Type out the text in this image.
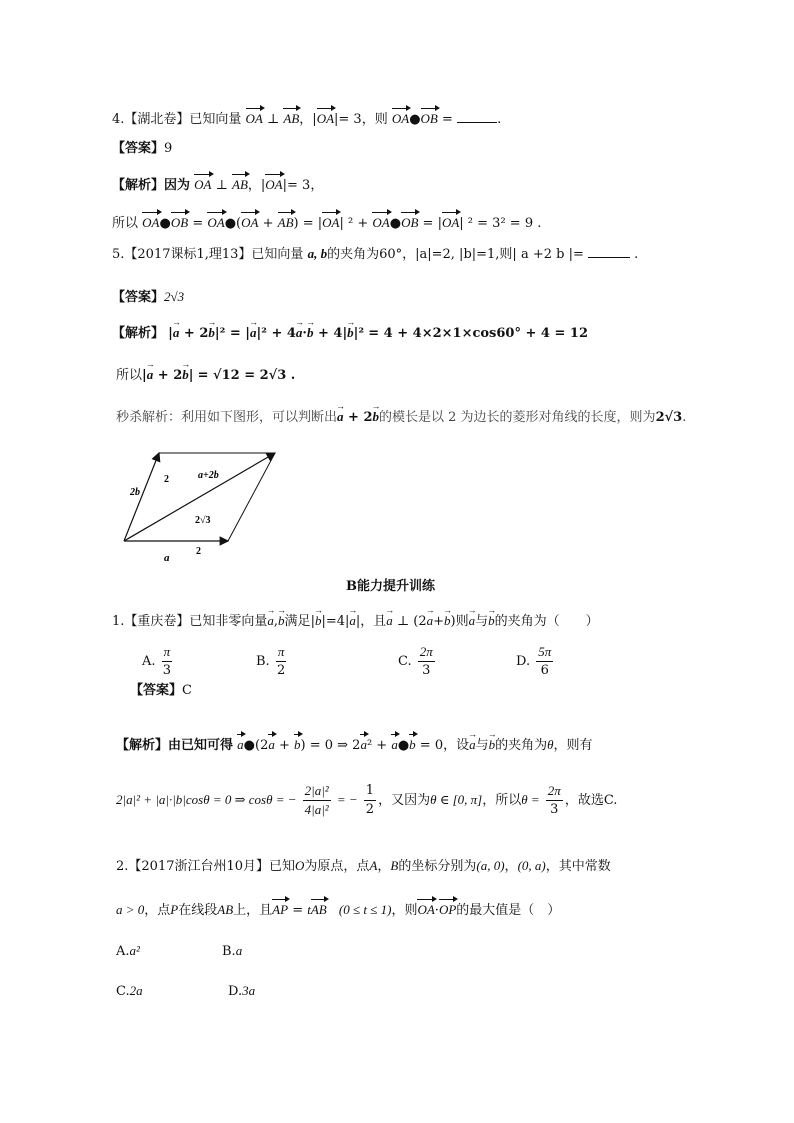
4.【湖北卷】已知向量 OA ⊥ AB，|OA|= 3，则 OA●OB =	.
【答案】9
【解析】因为 OA ⊥ AB，|OA|= 3，
所以 OA●OB = OA●(OA + AB) = |OA| ² + OA●OB = |OA| ² = 3² = 9 .
5.【2017课标1,理13】已知向量 a, b的夹角为60°，|a|=2, |b|=1,则| a +2 b |=	.
【答案】2√3
【解析】 |a → + 2b →|² = |a →|² + 4a →·b → + 4|b →|² = 4 + 4×2×1×cos60° + 4 = 12
所以|a → + 2b →| = √12 = 2√3 .
秒杀解析：利用如下图形，可以判断出a → + 2b →的模长是以 2 为边长的菱形对角线的长度，则为2√3.
2b
2	a+2b
2√3
a
2
B能力提升训练
1.【重庆卷】已知非零向量a →,b →满足|b →|=4|a →|，且a → ⊥ (2a →+b →)则a →与b →的夹角为（　　）
A. $\frac{\pi}{3}$	B. $\frac{\pi}{2}$	C. $\frac{2\pi}{3}$	D. $\frac{5\pi}{6}$
【答案】C
【解析】由已知可得 a●(2a + b) = 0 ⇒ 2a² + a●b = 0，设a →与b →的夹角为θ，则有
2|a|² + |a|·|b|cosθ = 0 ⇒ cosθ = − $\frac{\text{2|a|²}}{\text{4|a|²}}$ = − $\frac{1}{2}$ ，又因为θ ∈ [0, π]，所以$\theta = \frac{2\pi}{3}$ ，故选C.
2.【2017浙江台州10月】已知O为原点，点A，B的坐标分别为(a, 0)，(0, a)，其中常数
a > 0，点P在线段AB上，且AP = tAB (0 ≤ t ≤ 1)，则OA·OP的最大值是（　）
A.a²	B.a
C.2a	D.3a
